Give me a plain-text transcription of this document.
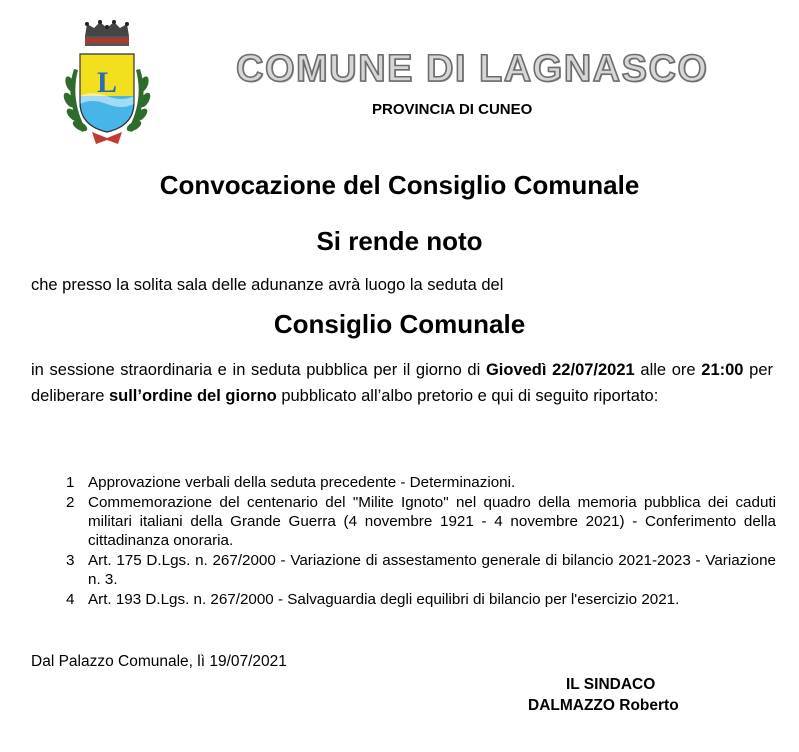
L	COMUNE DI LAGNASCO
PROVINCIA DI CUNEO
Convocazione del Consiglio Comunale
Si rende noto
che presso la solita sala delle adunanze avrà luogo la seduta del
Consiglio Comunale
in sessione straordinaria e in seduta pubblica per il giorno di Giovedì 22/07/2021 alle ore 21:00 per deliberare sull’ordine del giorno pubblicato all’albo pretorio e qui di seguito riportato:
1 Approvazione verbali della seduta precedente - Determinazioni.
2 Commemorazione del centenario del "Milite Ignoto" nel quadro della memoria pubblica dei caduti militari italiani della Grande Guerra (4 novembre 1921 - 4 novembre 2021) - Conferimento della cittadinanza onoraria.
3 Art. 175 D.Lgs. n. 267/2000 - Variazione di assestamento generale di bilancio 2021-2023 - Variazione n. 3.
4 Art. 193 D.Lgs. n. 267/2000 - Salvaguardia degli equilibri di bilancio per l'esercizio 2021.
Dal Palazzo Comunale, lì 19/07/2021
IL SINDACO
DALMAZZO Roberto
